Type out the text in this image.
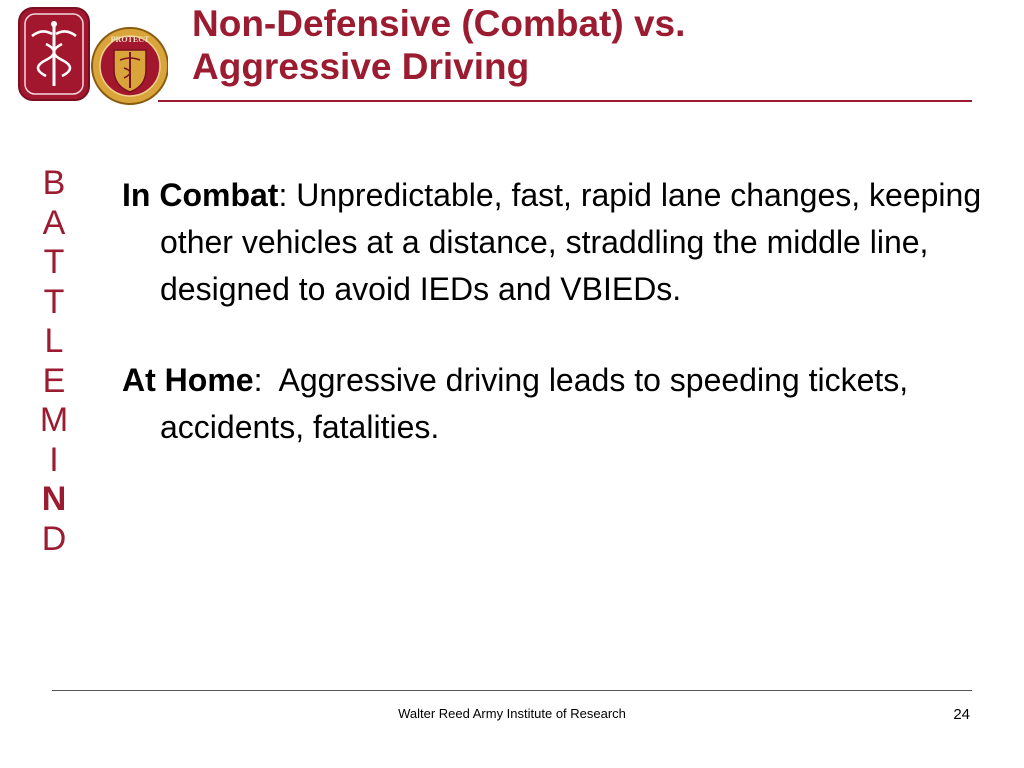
PROTECT Non-Defensive (Combat) vs.
Aggressive Driving
B
A
T
T
L
E
M
I
N
D

In Combat: Unpredictable, fast, rapid lane changes, keeping other vehicles at a distance, straddling the middle line, designed to avoid IEDs and VBIEDs.

At Home:  Aggressive driving leads to speeding tickets, accidents, fatalities.

Walter Reed Army Institute of Research	24
